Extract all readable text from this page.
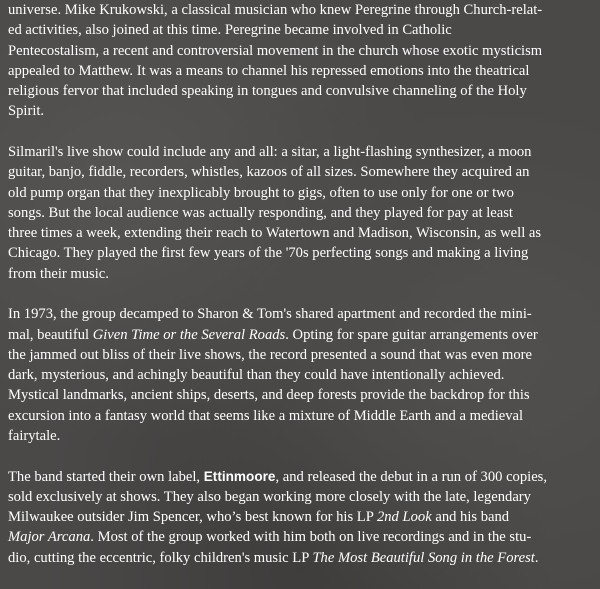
universe. Mike Krukowski, a classical musician who knew Peregrine through Church-relat-
ed activities, also joined at this time. Peregrine became involved in Catholic
Pentecostalism, a recent and controversial movement in the church whose exotic mysticism
appealed to Matthew. It was a means to channel his repressed emotions into the theatrical
religious fervor that included speaking in tongues and convulsive channeling of the Holy
Spirit.
Silmaril's live show could include any and all: a sitar, a light-flashing synthesizer, a moon
guitar, banjo, fiddle, recorders, whistles, kazoos of all sizes. Somewhere they acquired an
old pump organ that they inexplicably brought to gigs, often to use only for one or two
songs. But the local audience was actually responding, and they played for pay at least
three times a week, extending their reach to Watertown and Madison, Wisconsin, as well as
Chicago. They played the first few years of the '70s perfecting songs and making a living
from their music.
In 1973, the group decamped to Sharon & Tom's shared apartment and recorded the mini-
mal, beautiful Given Time or the Several Roads. Opting for spare guitar arrangements over
the jammed out bliss of their live shows, the record presented a sound that was even more
dark, mysterious, and achingly beautiful than they could have intentionally achieved.
Mystical landmarks, ancient ships, deserts, and deep forests provide the backdrop for this
excursion into a fantasy world that seems like a mixture of Middle Earth and a medieval
fairytale.
The band started their own label, Ettinmoore, and released the debut in a run of 300 copies,
sold exclusively at shows. They also began working more closely with the late, legendary
Milwaukee outsider Jim Spencer, who’s best known for his LP 2nd Look and his band
Major Arcana. Most of the group worked with him both on live recordings and in the stu-
dio, cutting the eccentric, folky children's music LP The Most Beautiful Song in the Forest.
